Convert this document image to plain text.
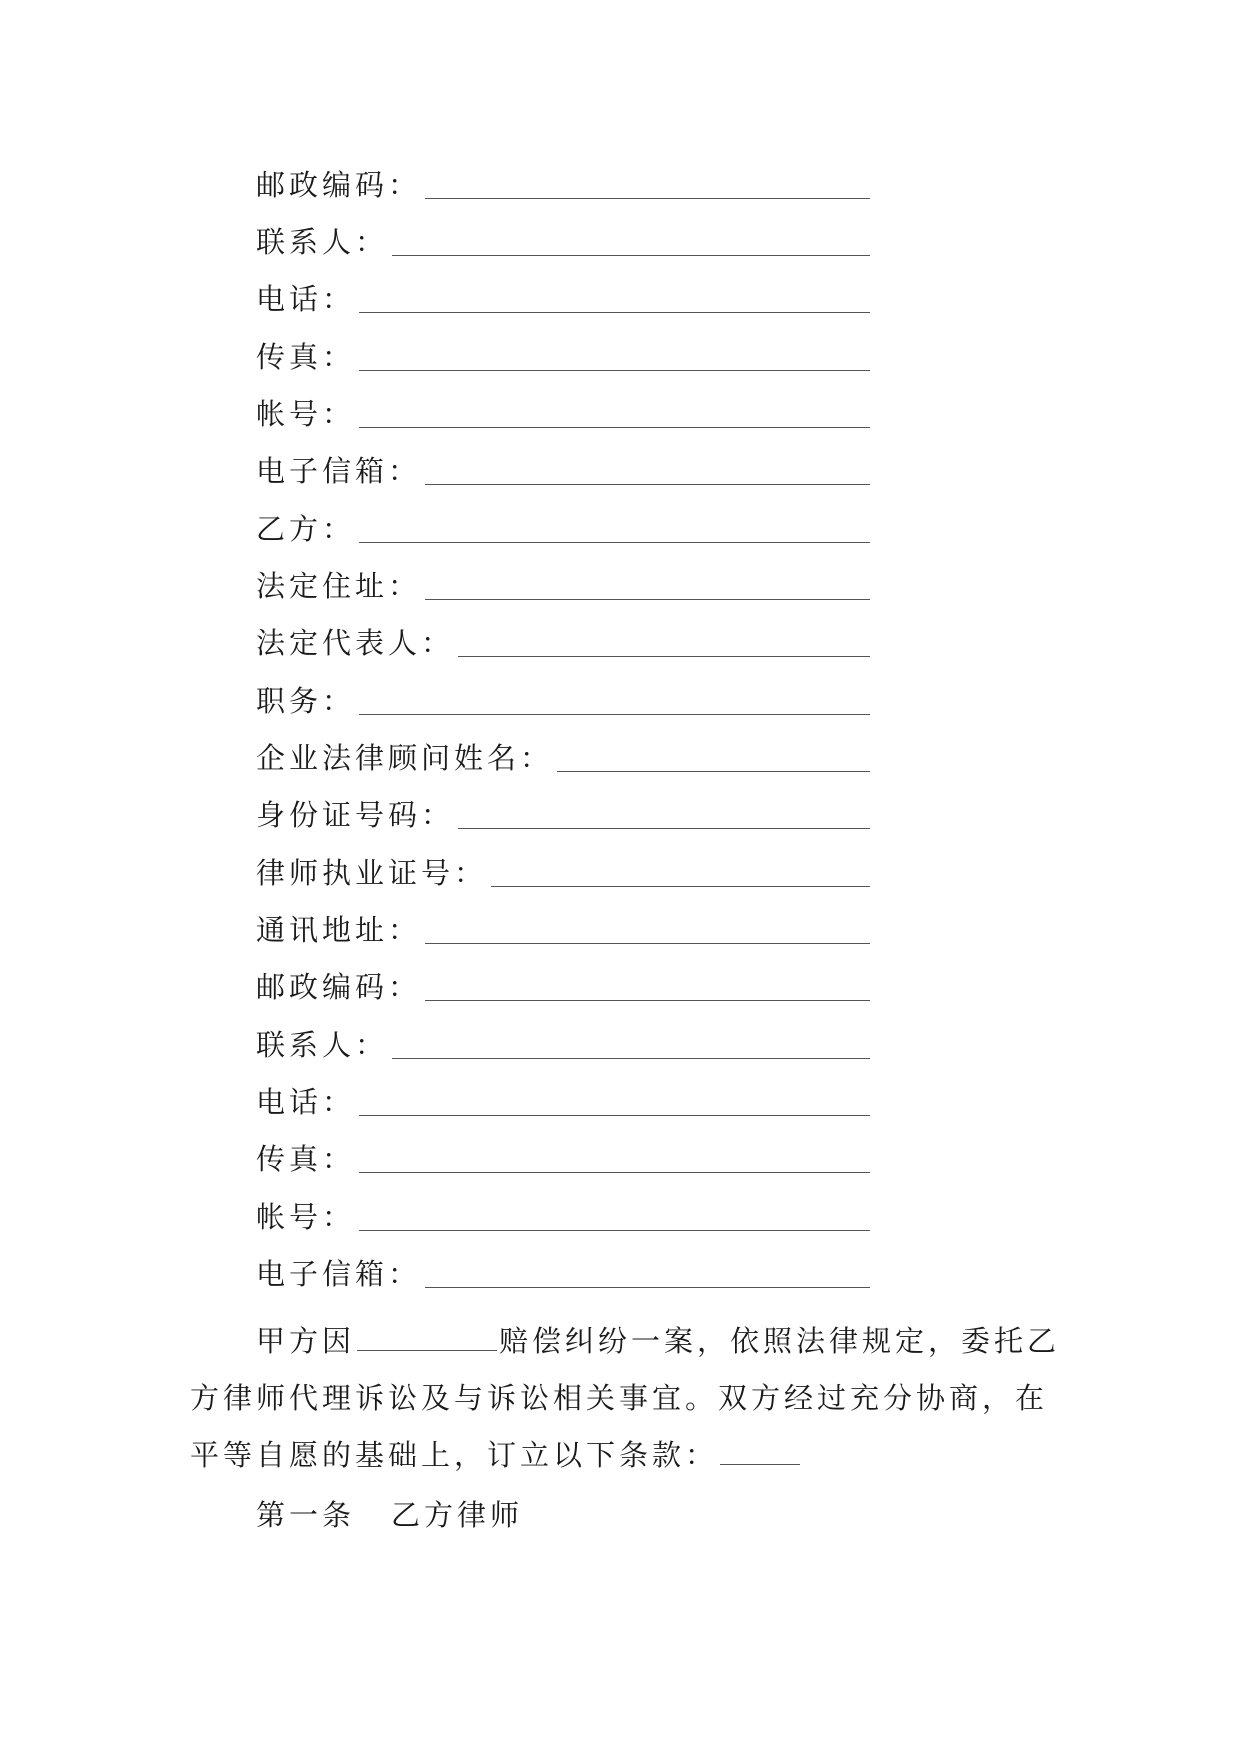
邮政编码：
联系人：
电话：
传真：
帐号：
电子信箱：
乙方：
法定住址：
法定代表人：
职务：
企业法律顾问姓名：
身份证号码：
律师执业证号：
通讯地址：
邮政编码：
联系人：
电话：
传真：
帐号：
电子信箱：
甲方因	赔偿纠纷一案，依照法律规定，委托乙方律师代理诉讼及与诉讼相关事宜。双方经过充分协商，在平等自愿的基础上，订立以下条款：
第一条 乙方律师
